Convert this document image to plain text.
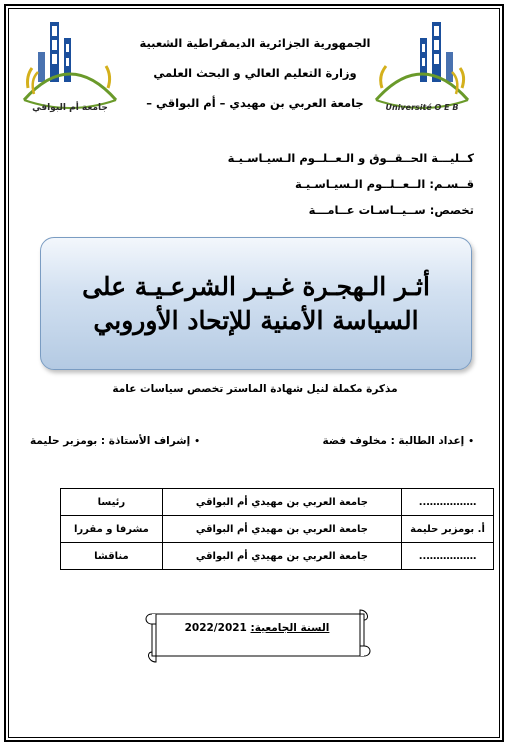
جامعة أم البواقي	Université O E B
الجمهورية الجزائرية الديمقراطية الشعبية
وزارة التعليم العالي و البحث العلمي
جامعة العربي بن مهيدي – أم البواقي –
كــليـــة الحــقــوق و الـعــلــوم الـسيـاسـيـة
قــسـم: الــعــلــوم الـسيـاسـيـة
تخصص: ســيــاسـات عــامـــة
أثـر الـهجـرة غـيـر الشرعـيـة على
السياسة الأمنية للإتحاد الأوروبي
مذكرة مكملة لنيل شهادة الماستر تخصص سياسات عامة
•إعداد الطالبة : مخلوف فضة
•إشراف الأستاذة : بومزبر حليمة
……………..	جامعة العربي بن مهيدي أم البواقي	رئيسا
أ. بومزبر حليمة	جامعة العربي بن مهيدي أم البواقي	مشرفا و مقررا
……………..	جامعة العربي بن مهيدي أم البواقي	مناقشا
السنة الجامعية: 2022/2021
